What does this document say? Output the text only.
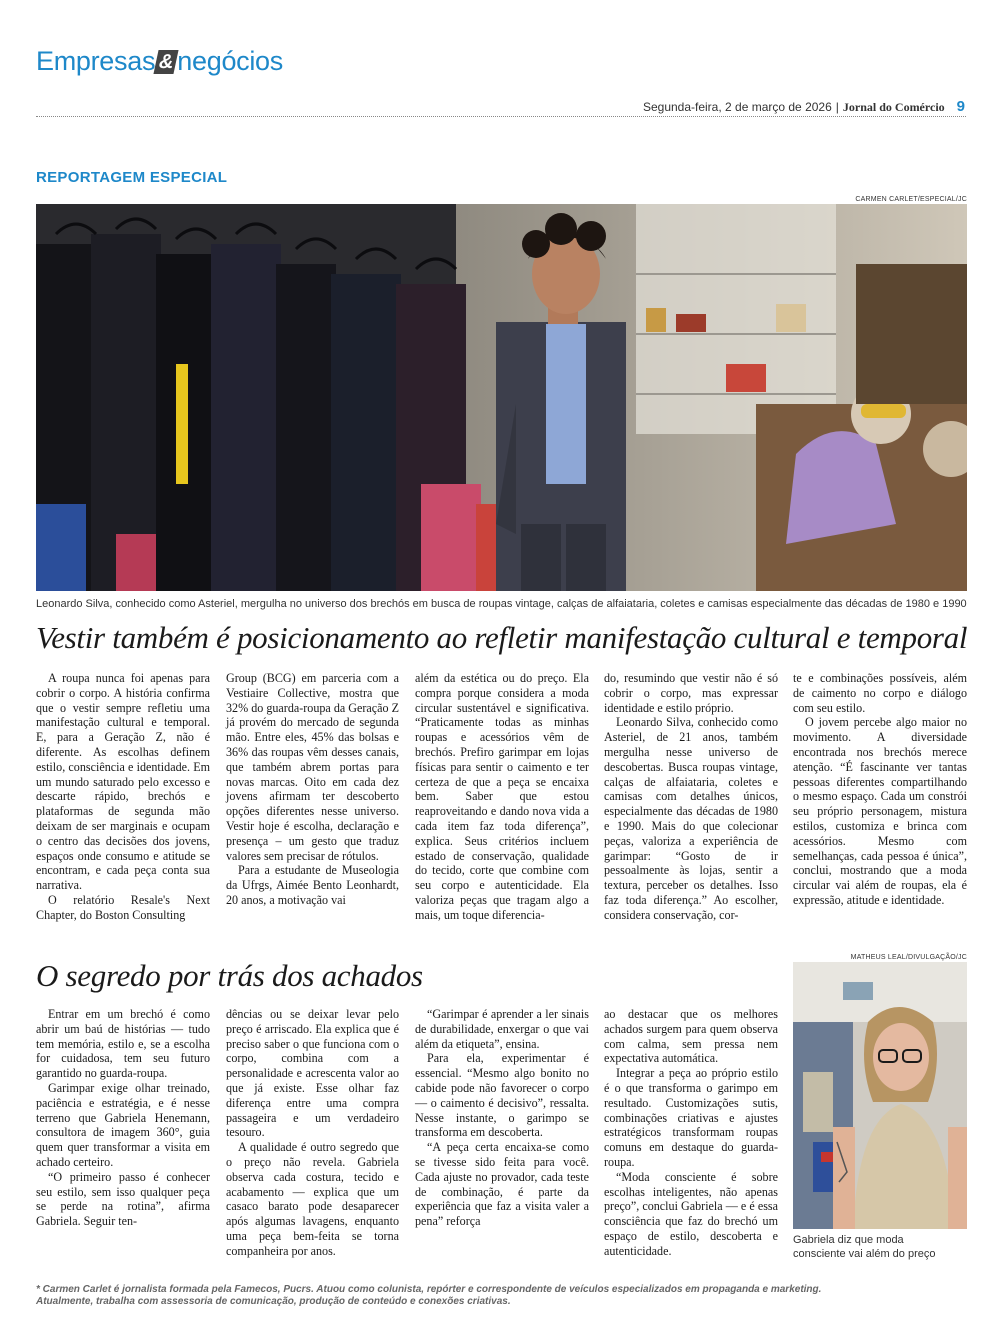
Empresas & negócios
Segunda-feira, 2 de março de 2026 | Jornal do Comércio 9
REPORTAGEM ESPECIAL
CARMEN CARLET/ESPECIAL/JC
Leonardo Silva, conhecido como Asteriel, mergulha no universo dos brechós em busca de roupas vintage, calças de alfaiataria, coletes e camisas especialmente das décadas de 1980 e 1990
Vestir também é posicionamento ao refletir manifestação cultural e temporal

A roupa nunca foi apenas para cobrir o corpo. A história confirma que o vestir sempre refletiu uma manifestação cultural e temporal. E, para a Geração Z, não é diferente. As escolhas definem estilo, consciência e identidade. Em um mundo saturado pelo excesso e descarte rápido, brechós e plataformas de segunda mão deixam de ser marginais e ocupam o centro das decisões dos jovens, espaços onde consumo e atitude se encontram, e cada peça conta sua narrativa.

O relatório Resale's Next Chapter, do Boston Consulting

Group (BCG) em parceria com a Vestiaire Collective, mostra que 32% do guarda-roupa da Geração Z já provém do mercado de segunda mão. Entre eles, 45% das bolsas e 36% das roupas vêm desses canais, que também abrem portas para novas marcas. Oito em cada dez jovens afirmam ter descoberto opções diferentes nesse universo. Vestir hoje é escolha, declaração e presença – um gesto que traduz valores sem precisar de rótulos.

Para a estudante de Museologia da Ufrgs, Aimée Bento Leonhardt, 20 anos, a motivação vai

além da estética ou do preço. Ela compra porque considera a moda circular sustentável e significativa. “Praticamente todas as minhas roupas e acessórios vêm de brechós. Prefiro garimpar em lojas físicas para sentir o caimento e ter certeza de que a peça se encaixa bem. Saber que estou reaproveitando e dando nova vida a cada item faz toda diferença”, explica. Seus critérios incluem estado de conservação, qualidade do tecido, corte que combine com seu corpo e autenticidade. Ela valoriza peças que tragam algo a mais, um toque diferencia-

do, resumindo que vestir não é só cobrir o corpo, mas expressar identidade e estilo próprio.

Leonardo Silva, conhecido como Asteriel, de 21 anos, também mergulha nesse universo de descobertas. Busca roupas vintage, calças de alfaiataria, coletes e camisas com detalhes únicos, especialmente das décadas de 1980 e 1990. Mais do que colecionar peças, valoriza a experiência de garimpar: “Gosto de ir pessoalmente às lojas, sentir a textura, perceber os detalhes. Isso faz toda diferença.” Ao escolher, considera conservação, cor-

te e combinações possíveis, além de caimento no corpo e diálogo com seu estilo.

O jovem percebe algo maior no movimento. A diversidade encontrada nos brechós merece atenção. “É fascinante ver tantas pessoas diferentes compartilhando o mesmo espaço. Cada um constrói seu próprio personagem, mistura estilos, customiza e brinca com acessórios. Mesmo com semelhanças, cada pessoa é única”, conclui, mostrando que a moda circular vai além de roupas, ela é expressão, atitude e identidade.

O segredo por trás dos achados

Entrar em um brechó é como abrir um baú de histórias — tudo tem memória, estilo e, se a escolha for cuidadosa, tem seu futuro garantido no guarda-roupa.

Garimpar exige olhar treinado, paciência e estratégia, e é nesse terreno que Gabriela Henemann, consultora de imagem 360°, guia quem quer transformar a visita em achado certeiro.

“O primeiro passo é conhecer seu estilo, sem isso qualquer peça se perde na rotina”, afirma Gabriela. Seguir ten-

dências ou se deixar levar pelo preço é arriscado. Ela explica que é preciso saber o que funciona com o corpo, combina com a personalidade e acrescenta valor ao que já existe. Esse olhar faz diferença entre uma compra passageira e um verdadeiro tesouro.

A qualidade é outro segredo que o preço não revela. Gabriela observa cada costura, tecido e acabamento — explica que um casaco barato pode desaparecer após algumas lavagens, enquanto uma peça bem-feita se torna companheira por anos.

“Garimpar é aprender a ler sinais de durabilidade, enxergar o que vai além da etiqueta”, ensina.

Para ela, experimentar é essencial. “Mesmo algo bonito no cabide pode não favorecer o corpo — o caimento é decisivo”, ressalta. Nesse instante, o garimpo se transforma em descoberta.

“A peça certa encaixa-se como se tivesse sido feita para você. Cada ajuste no provador, cada teste de combinação, é parte da experiência que faz a visita valer a pena” reforça

ao destacar que os melhores achados surgem para quem observa com calma, sem pressa nem expectativa automática.

Integrar a peça ao próprio estilo é o que transforma o garimpo em resultado. Customizações sutis, combinações criativas e ajustes estratégicos transformam roupas comuns em destaque do guarda-roupa.

“Moda consciente é sobre escolhas inteligentes, não apenas preço”, conclui Gabriela — e é essa consciência que faz do brechó um espaço de estilo, descoberta e autenticidade.

MATHEUS LEAL/DIVULGAÇÃO/JC
Gabriela diz que moda
consciente vai além do preço
* Carmen Carlet é jornalista formada pela Famecos, Pucrs. Atuou como colunista, repórter e correspondente de veículos especializados em propaganda e marketing.
Atualmente, trabalha com assessoria de comunicação, produção de conteúdo e conexões criativas.
